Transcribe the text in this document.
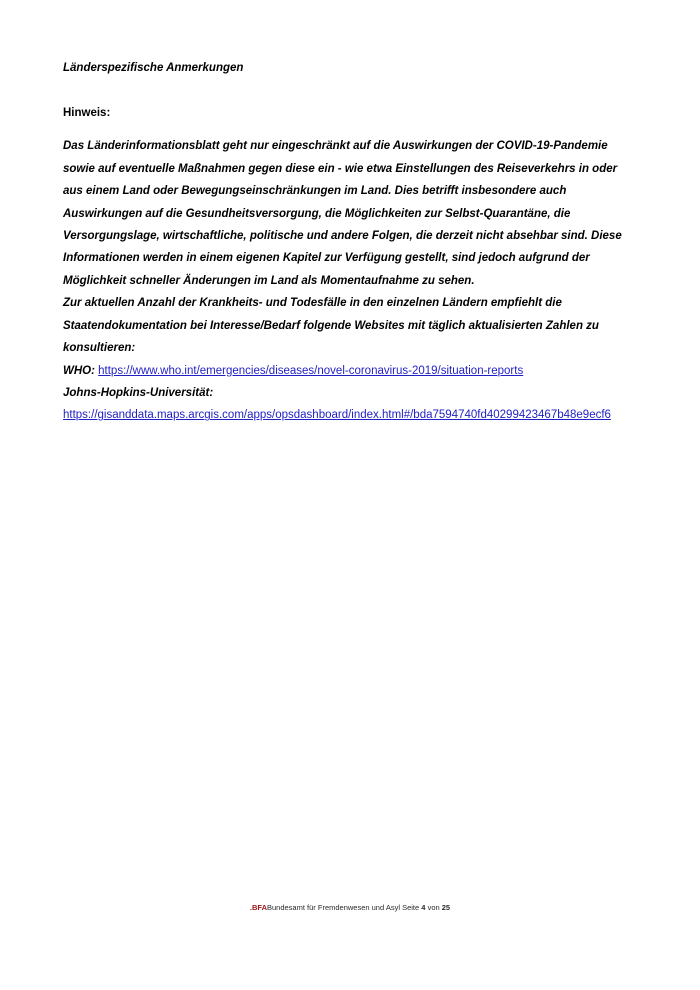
Länderspezifische Anmerkungen

Hinweis:

Das Länderinformationsblatt geht nur eingeschränkt auf die Auswirkungen der COVID-19-Pandemie sowie auf eventuelle Maßnahmen gegen diese ein - wie etwa Einstellungen des Reiseverkehrs in oder aus einem Land oder Bewegungseinschränkungen im Land. Dies betrifft insbesondere auch Auswirkungen auf die Gesundheitsversorgung, die Möglichkeiten zur Selbst-Quarantäne, die Versorgungslage, wirtschaftliche, politische und andere Folgen, die derzeit nicht absehbar sind. Diese Informationen werden in einem eigenen Kapitel zur Verfügung gestellt, sind jedoch aufgrund der Möglichkeit schneller Änderungen im Land als Momentaufnahme zu sehen.

Zur aktuellen Anzahl der Krankheits- und Todesfälle in den einzelnen Ländern empfiehlt die Staatendokumentation bei Interesse/Bedarf folgende Websites mit täglich aktualisierten Zahlen zu konsultieren:

WHO: https://www.who.int/emergencies/diseases/novel-coronavirus-2019/situation-reports

Johns-Hopkins-Universität:

https://gisanddata.maps.arcgis.com/apps/opsdashboard/index.html#/bda7594740fd40299423467b48e9ecf6

.BFABundesamt für Fremdenwesen und Asyl Seite 4 von 25
